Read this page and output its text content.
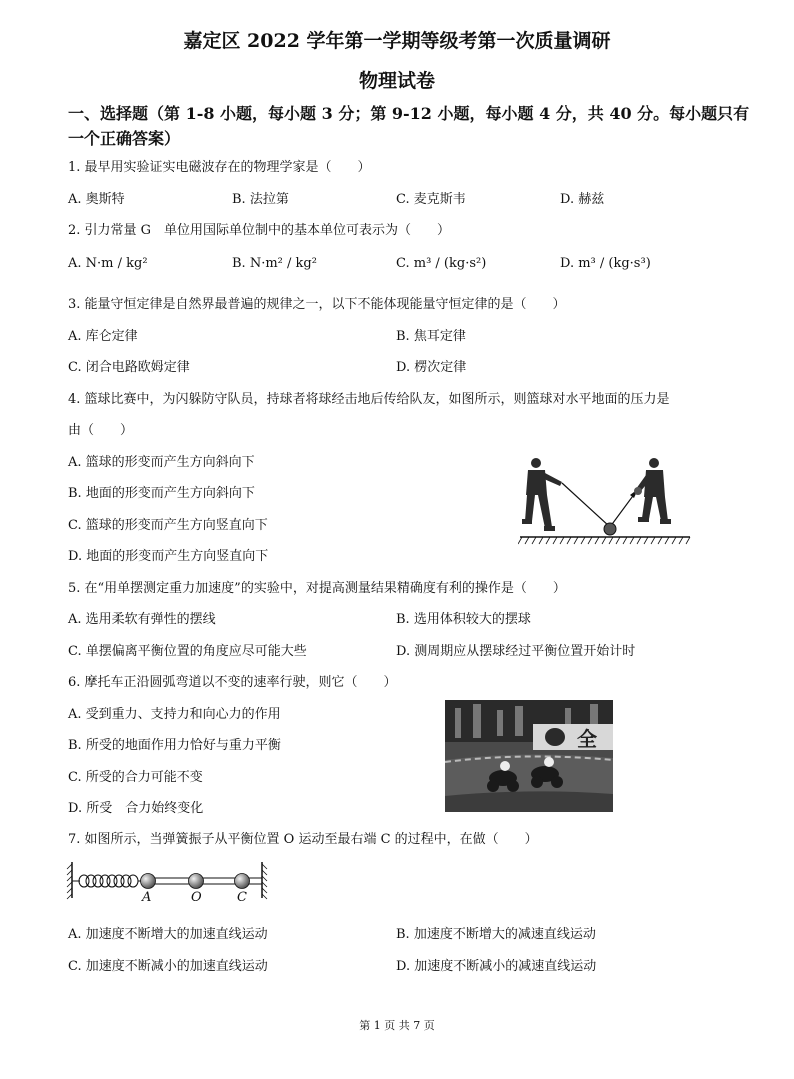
嘉定区 2022 学年第一学期等级考第一次质量调研
物理试卷
一、选择题（第 1-8 小题，每小题 3 分；第 9-12 小题，每小题 4 分，共 40 分。每小题只有
一个正确答案）
1. 最早用实验证实电磁波存在的物理学家是（　　）
A. 奥斯特	B. 法拉第	C. 麦克斯韦	D. 赫兹
2. 引力常量 G　单位用国际单位制中的基本单位可表示为（　　）
A. N·m / kg²	B. N·m² / kg²	C. m³ / (kg·s²)	D. m³ / (kg·s³)
3. 能量守恒定律是自然界最普遍的规律之一，以下不能体现能量守恒定律的是（　　）
A. 库仑定律	B. 焦耳定律
C. 闭合电路欧姆定律	D. 楞次定律
4. 篮球比赛中，为闪躲防守队员，持球者将球经击地后传给队友，如图所示，则篮球对水平地面的压力是
由（　　）
A. 篮球的形变而产生方向斜向下
B. 地面的形变而产生方向斜向下
C. 篮球的形变而产生方向竖直向下
D. 地面的形变而产生方向竖直向下
5. 在“用单摆测定重力加速度”的实验中，对提高测量结果精确度有利的操作是（　　）
A. 选用柔软有弹性的摆线	B. 选用体积较大的摆球
C. 单摆偏离平衡位置的角度应尽可能大些	D. 测周期应从摆球经过平衡位置开始计时
6. 摩托车正沿圆弧弯道以不变的速率行驶，则它（　　）
A. 受到重力、支持力和向心力的作用
B. 所受的地面作用力恰好与重力平衡
C. 所受的合力可能不变
D. 所受　合力始终变化
全
7. 如图所示，当弹簧振子从平衡位置 O 运动至最右端 C 的过程中，在做（　　）
A	O	C
A. 加速度不断增大的加速直线运动	B. 加速度不断增大的减速直线运动
C. 加速度不断减小的加速直线运动	D. 加速度不断减小的减速直线运动
第 1 页 共 7 页
